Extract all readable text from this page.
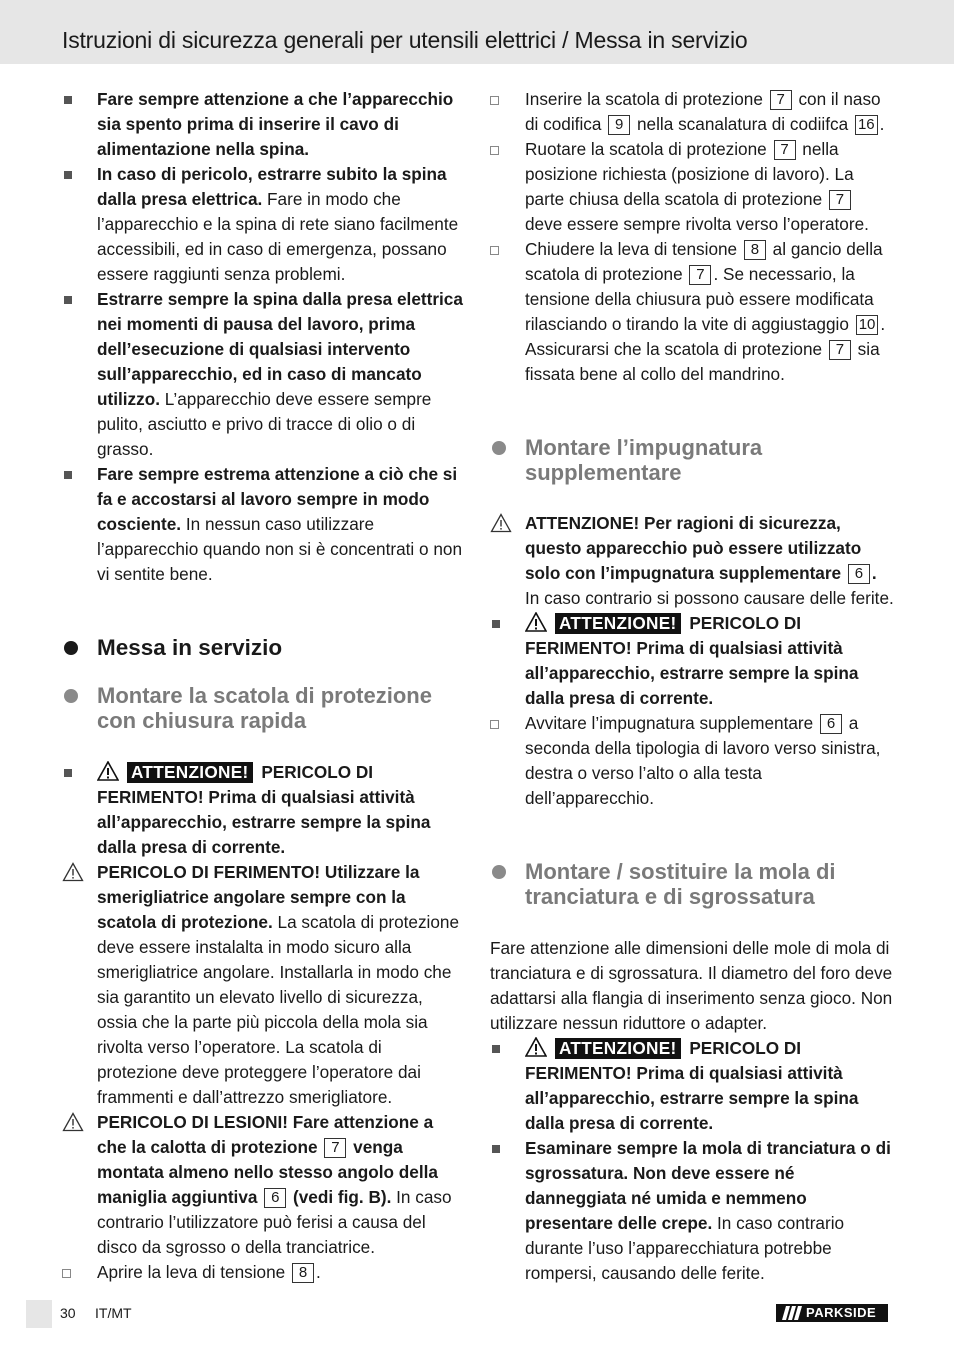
Istruzioni di sicurezza generali per utensili elettrici / Messa in servizio
Fare sempre attenzione a che l’apparecchio sia spento prima di inserire il cavo di alimentazione nella spina.
In caso di pericolo, estrarre subito la spina dalla presa elettrica. Fare in modo che l’apparecchio e la spina di rete siano facilmente accessibili, ed in caso di emergenza, possano essere raggiunti senza problemi.
Estrarre sempre la spina dalla presa elettrica nei momenti di pausa del lavoro, prima dell’esecuzione di qualsiasi intervento sull’apparecchio, ed in caso di mancato utilizzo. L’apparecchio deve essere sempre pulito, asciutto e privo di tracce di olio o di grasso.
Fare sempre estrema attenzione a ciò che si fa e accostarsi al lavoro sempre in modo cosciente. In nessun caso utilizzare l’apparecchio quando non si è concentrati o non vi sentite bene.
Messa in servizio
Montare la scatola di protezione con chiusura rapida
ATTENZIONE! PERICOLO DI FERIMENTO! Prima di qualsiasi attività all’apparecchio, estrarre sempre la spina dalla presa di corrente.
PERICOLO DI FERIMENTO! Utilizzare la smerigliatrice angolare sempre con la scatola di protezione. La scatola di protezione deve essere instalalta in modo sicuro alla smerigliatrice angolare. Installarla in modo che sia garantito un elevato livello di sicurezza, ossia che la parte più piccola della mola sia rivolta verso l’operatore. La scatola di protezione deve proteggere l’operatore dai frammenti e dall’attrezzo smerigliatore.
PERICOLO DI LESIONI! Fare attenzione a che la calotta di protezione 7 venga montata almeno nello stesso angolo della maniglia aggiuntiva 6 (vedi fig. B). In caso contrario l’utilizzatore può ferisi a causa del disco da sgrosso o della tranciatrice.
Aprire la leva di tensione 8 .
Inserire la scatola di protezione 7 con il naso di codifica 9 nella scanalatura di codiifca 16 .
Ruotare la scatola di protezione 7 nella posizione richiesta (posizione di lavoro). La parte chiusa della scatola di protezione 7 deve essere sempre rivolta verso l’operatore.
Chiudere la leva di tensione 8 al gancio della scatola di protezione 7 . Se necessario, la tensione della chiusura può essere modificata rilasciando o tirando la vite di aggiustaggio 10 .
Assicurarsi che la scatola di protezione 7 sia fissata bene al collo del mandrino.
Montare l’impugnatura supplementare
ATTENZIONE! Per ragioni di sicurezza, questo apparecchio può essere utilizzato solo con l’impugnatura supplementare 6 . In caso contrario si possono causare delle ferite.
ATTENZIONE! PERICOLO DI FERIMENTO! Prima di qualsiasi attività all’apparecchio, estrarre sempre la spina dalla presa di corrente.
Avvitare l’impugnatura supplementare 6 a seconda della tipologia di lavoro verso sinistra, destra o verso l’alto o alla testa dell’apparecchio.
Montare / sostituire la mola di tranciatura e di sgrossatura
Fare attenzione alle dimensioni delle mole di mola di tranciatura e di sgrossatura. Il diametro del foro deve adattarsi alla flangia di inserimento senza gioco. Non utilizzare nessun riduttore o adapter.
ATTENZIONE! PERICOLO DI FERIMENTO! Prima di qualsiasi attività all’apparecchio, estrarre sempre la spina dalla presa di corrente.
Esaminare sempre la mola di tranciatura o di sgrossatura. Non deve essere né danneggiata né umida e nemmeno presentare delle crepe. In caso contrario durante l’uso l’apparecchiatura potrebbe rompersi, causando delle ferite.
30 IT/MT	PARKSIDE
